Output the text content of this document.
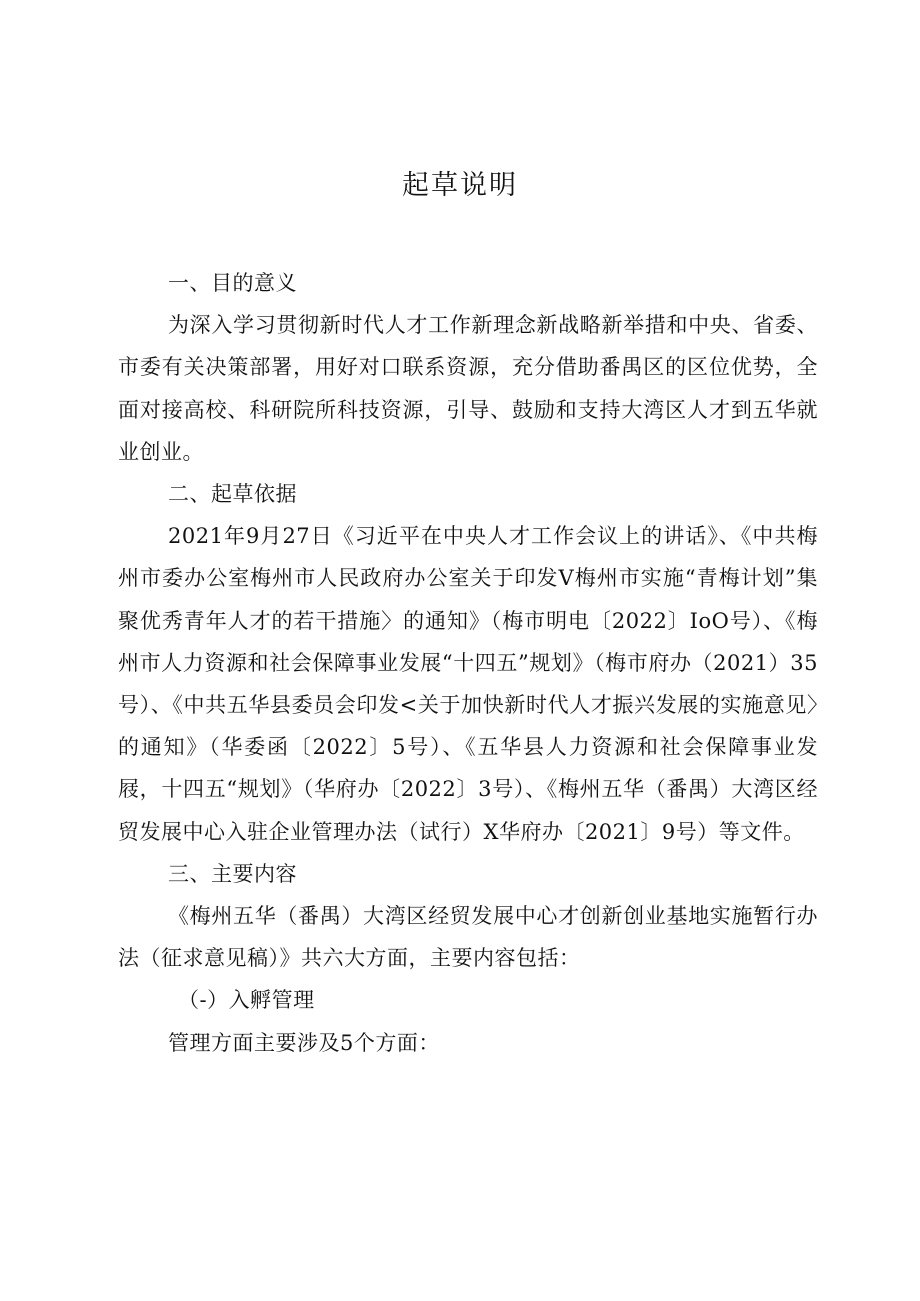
起草说明

一、目的意义

为深入学习贯彻新时代人才工作新理念新战略新举措和中央、省委、市委有关决策部署，用好对口联系资源，充分借助番禺区的区位优势，全面对接高校、科研院所科技资源，引导、鼓励和支持大湾区人才到五华就业创业。

二、起草依据

2021年9月27日《习近平在中央人才工作会议上的讲话》、《中共梅州市委办公室梅州市人民政府办公室关于印发Ⅴ梅州市实施“青梅计划”集聚优秀青年人才的若干措施〉的通知》（梅市明电〔2022〕IoO号）、《梅州市人力资源和社会保障事业发展“十四五”规划》（梅市府办（2021）35号）、《中共五华县委员会印发<关于加快新时代人才振兴发展的实施意见〉的通知》（华委函〔2022〕5号）、《五华县人力资源和社会保障事业发屐，十四五“规划》（华府办〔2022〕3号）、《梅州五华（番禺）大湾区经贸发展中心入驻企业管理办法（试行）X华府办〔2021〕9号）等文件。

三、主要内容

《梅州五华（番禺）大湾区经贸发展中心才创新创业基地实施暂行办法（征求意见稿）》共六大方面，主要内容包括：

（-）入孵管理

管理方面主要涉及5个方面：
